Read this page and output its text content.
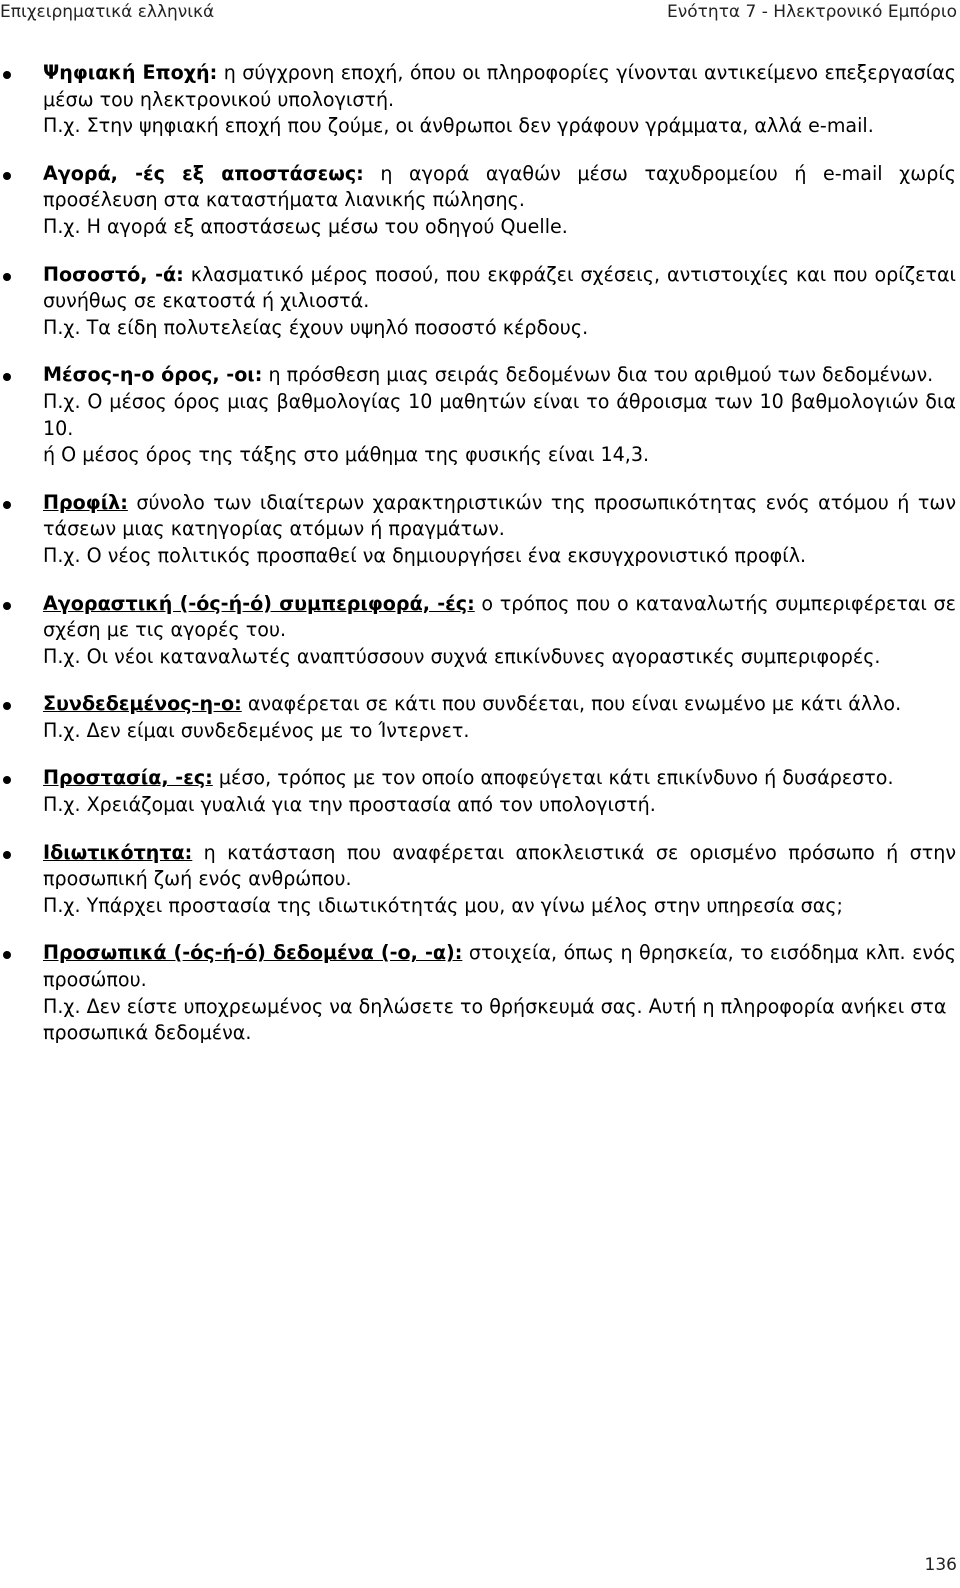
Επιχειρηματικά ελληνικά	Ενότητα 7 - Ηλεκτρονικό Εμπόριο

Ψηφιακή Εποχή: η σύγχρονη εποχή, όπου οι πληροφορίες γίνονται αντικείμενο επεξεργασίας μέσω του ηλεκτρονικού υπολογιστή.

Π.χ. Στην ψηφιακή εποχή που ζούμε, οι άνθρωποι δεν γράφουν γράμματα, αλλά e-mail.

Αγορά, -ές εξ αποστάσεως: η αγορά αγαθών μέσω ταχυδρομείου ή e-mail χωρίς προσέλευση στα καταστήματα λιανικής πώλησης.

Π.χ. Η αγορά εξ αποστάσεως μέσω του οδηγού Quelle.

Ποσοστό, -ά: κλασματικό μέρος ποσού, που εκφράζει σχέσεις, αντιστοιχίες και που ορίζεται συνήθως σε εκατοστά ή χιλιοστά.

Π.χ. Τα είδη πολυτελείας έχουν υψηλό ποσοστό κέρδους.

Μέσος-η-ο όρος, -οι: η πρόσθεση μιας σειράς δεδομένων δια του αριθμού των δεδομένων.

Π.χ. Ο μέσος όρος μιας βαθμολογίας 10 μαθητών είναι το άθροισμα των 10 βαθμολογιών δια 10.

ή Ο μέσος όρος της τάξης στο μάθημα της φυσικής είναι 14,3.

Προφίλ: σύνολο των ιδιαίτερων χαρακτηριστικών της προσωπικότητας ενός ατόμου ή των τάσεων μιας κατηγορίας ατόμων ή πραγμάτων.

Π.χ. Ο νέος πολιτικός προσπαθεί να δημιουργήσει ένα εκσυγχρονιστικό προφίλ.

Αγοραστική (-ός-ή-ό) συμπεριφορά, -ές: ο τρόπος που ο καταναλωτής συμπεριφέρεται σε σχέση με τις αγορές του.

Π.χ. Οι νέοι καταναλωτές αναπτύσσουν συχνά επικίνδυνες αγοραστικές συμπεριφορές.

Συνδεδεμένος-η-ο: αναφέρεται σε κάτι που συνδέεται, που είναι ενωμένο με κάτι άλλο.

Π.χ. Δεν είμαι συνδεδεμένος με το Ίντερνετ.

Προστασία, -ες: μέσο, τρόπος με τον οποίο αποφεύγεται κάτι επικίνδυνο ή δυσάρεστο.

Π.χ. Χρειάζομαι γυαλιά για την προστασία από τον υπολογιστή.

Ιδιωτικότητα: η κατάσταση που αναφέρεται αποκλειστικά σε ορισμένο πρόσωπο ή στην προσωπική ζωή ενός ανθρώπου.

Π.χ. Υπάρχει προστασία της ιδιωτικότητάς μου, αν γίνω μέλος στην υπηρεσία σας;

Προσωπικά (-ός-ή-ό) δεδομένα (-ο, -α): στοιχεία, όπως η θρησκεία, το εισόδημα κλπ. ενός προσώπου.

Π.χ. Δεν είστε υποχρεωμένος να δηλώσετε το θρήσκευμά σας. Αυτή η πληροφορία ανήκει στα προσωπικά δεδομένα.

136
